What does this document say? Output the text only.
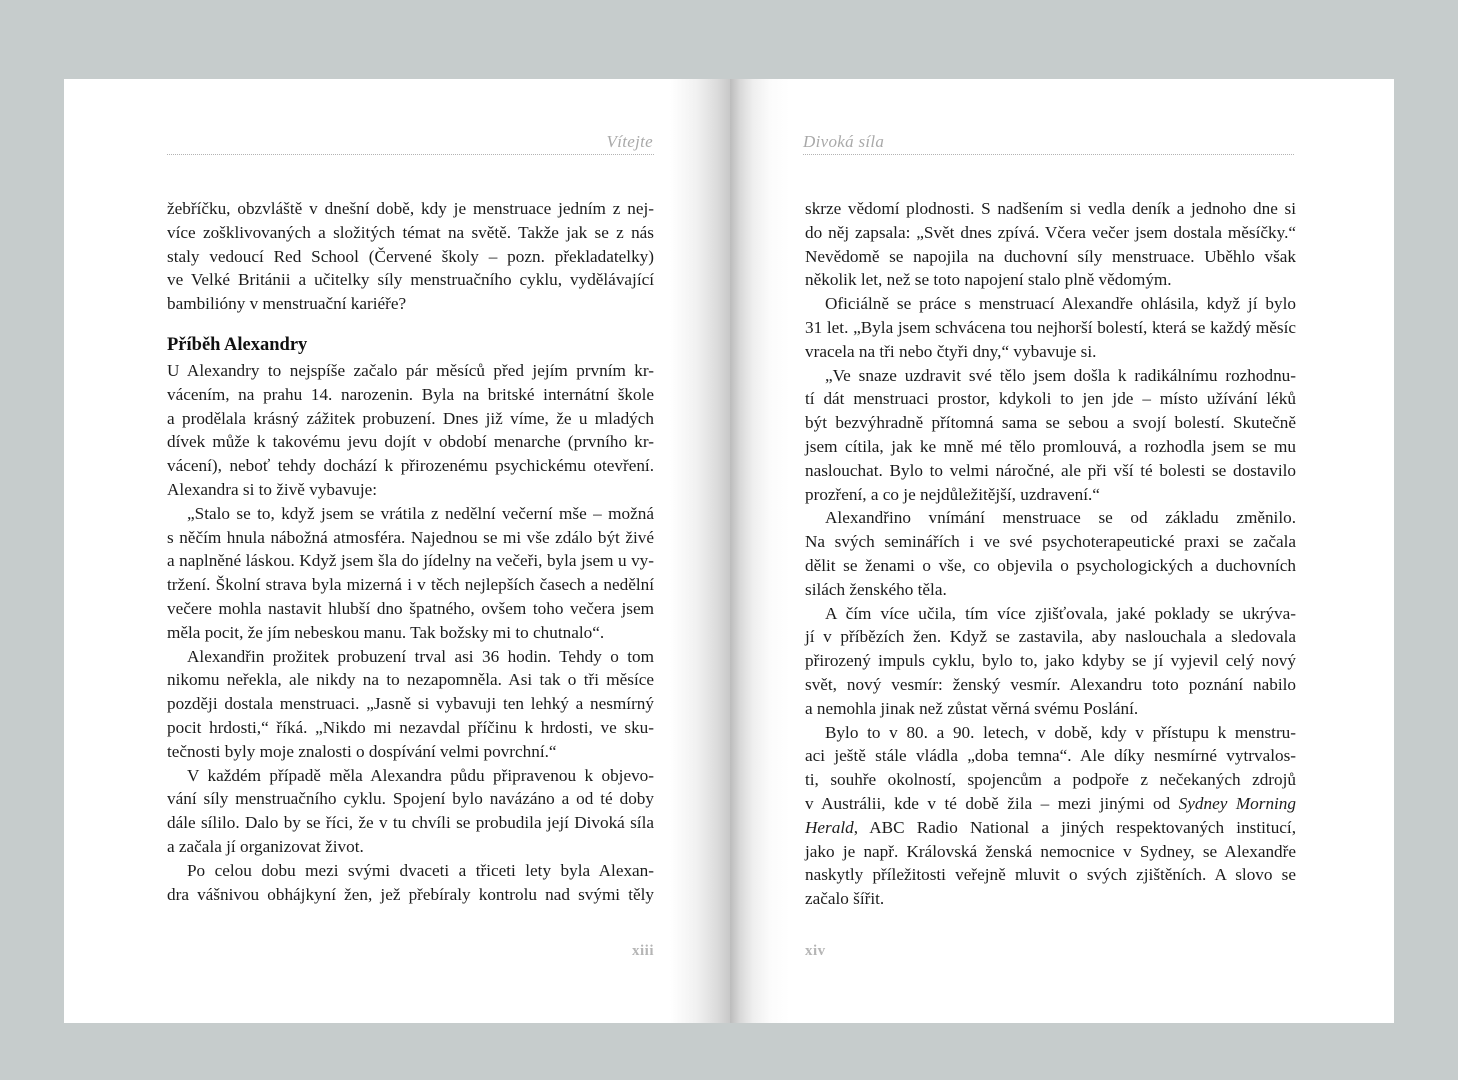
Vítejte
žebříčku, obzvláště v dnešní době, kdy je menstruace jedním z nej-
více zošklivovaných a složitých témat na světě. Takže jak se z nás
staly vedoucí Red School (Červené školy – pozn. překladatelky)
ve Velké Británii a učitelky síly menstruačního cyklu, vydělávající
bambilióny v menstruační kariéře?
Příběh Alexandry
U Alexandry to nejspíše začalo pár měsíců před jejím prvním kr-
vácením, na prahu 14. narozenin. Byla na britské internátní škole
a prodělala krásný zážitek probuzení. Dnes již víme, že u mladých
dívek může k takovému jevu dojít v období menarche (prvního kr-
vácení), neboť tehdy dochází k přirozenému psychickému otevření.
Alexandra si to živě vybavuje:
„Stalo se to, když jsem se vrátila z nedělní večerní mše – možná
s něčím hnula nábožná atmosféra. Najednou se mi vše zdálo být živé
a naplněné láskou. Když jsem šla do jídelny na večeři, byla jsem u vy-
tržení. Školní strava byla mizerná i v těch nejlepších časech a nedělní
večere mohla nastavit hlubší dno špatného, ovšem toho večera jsem
měla pocit, že jím nebeskou manu. Tak božsky mi to chutnalo“.
Alexandřin prožitek probuzení trval asi 36 hodin. Tehdy o tom
nikomu neřekla, ale nikdy na to nezapomněla. Asi tak o tři měsíce
později dostala menstruaci. „Jasně si vybavuji ten lehký a nesmírný
pocit hrdosti,“ říká. „Nikdo mi nezavdal příčinu k hrdosti, ve sku-
tečnosti byly moje znalosti o dospívání velmi povrchní.“
V každém případě měla Alexandra půdu připravenou k objevo-
vání síly menstruačního cyklu. Spojení bylo navázáno a od té doby
dále sílilo. Dalo by se říci, že v tu chvíli se probudila její Divoká síla
a začala jí organizovat život.
Po celou dobu mezi svými dvaceti a třiceti lety byla Alexan-
dra vášnivou obhájkyní žen, jež přebíraly kontrolu nad svými těly
xiii
Divoká síla
skrze vědomí plodnosti. S nadšením si vedla deník a jednoho dne si
do něj zapsala: „Svět dnes zpívá. Včera večer jsem dostala měsíčky.“
Nevědomě se napojila na duchovní síly menstruace. Uběhlo však
několik let, než se toto napojení stalo plně vědomým.
Oficiálně se práce s menstruací Alexandře ohlásila, když jí bylo
31 let. „Byla jsem schvácena tou nejhorší bolestí, která se každý měsíc
vracela na tři nebo čtyři dny,“ vybavuje si.
„Ve snaze uzdravit své tělo jsem došla k radikálnímu rozhodnu-
tí dát menstruaci prostor, kdykoli to jen jde – místo užívání léků
být bezvýhradně přítomná sama se sebou a svojí bolestí. Skutečně
jsem cítila, jak ke mně mé tělo promlouvá, a rozhodla jsem se mu
naslouchat. Bylo to velmi náročné, ale při vší té bolesti se dostavilo
prozření, a co je nejdůležitější, uzdravení.“
Alexandřino vnímání menstruace se od základu změnilo.
Na svých seminářích i ve své psychoterapeutické praxi se začala
dělit se ženami o vše, co objevila o psychologických a duchovních
silách ženského těla.
A čím více učila, tím více zjišťovala, jaké poklady se ukrýva-
jí v příbězích žen. Když se zastavila, aby naslouchala a sledovala
přirozený impuls cyklu, bylo to, jako kdyby se jí vyjevil celý nový
svět, nový vesmír: ženský vesmír. Alexandru toto poznání nabilo
a nemohla jinak než zůstat věrná svému Poslání.
Bylo to v 80. a 90. letech, v době, kdy v přístupu k menstru-
aci ještě stále vládla „doba temna“. Ale díky nesmírné vytrvalos-
ti, souhře okolností, spojencům a podpoře z nečekaných zdrojů
v Austrálii, kde v té době žila – mezi jinými od Sydney Morning
Herald, ABC Radio National a jiných respektovaných institucí,
jako je např. Královská ženská nemocnice v Sydney, se Alexandře
naskytly příležitosti veřejně mluvit o svých zjištěních. A slovo se
začalo šířit.
xiv
